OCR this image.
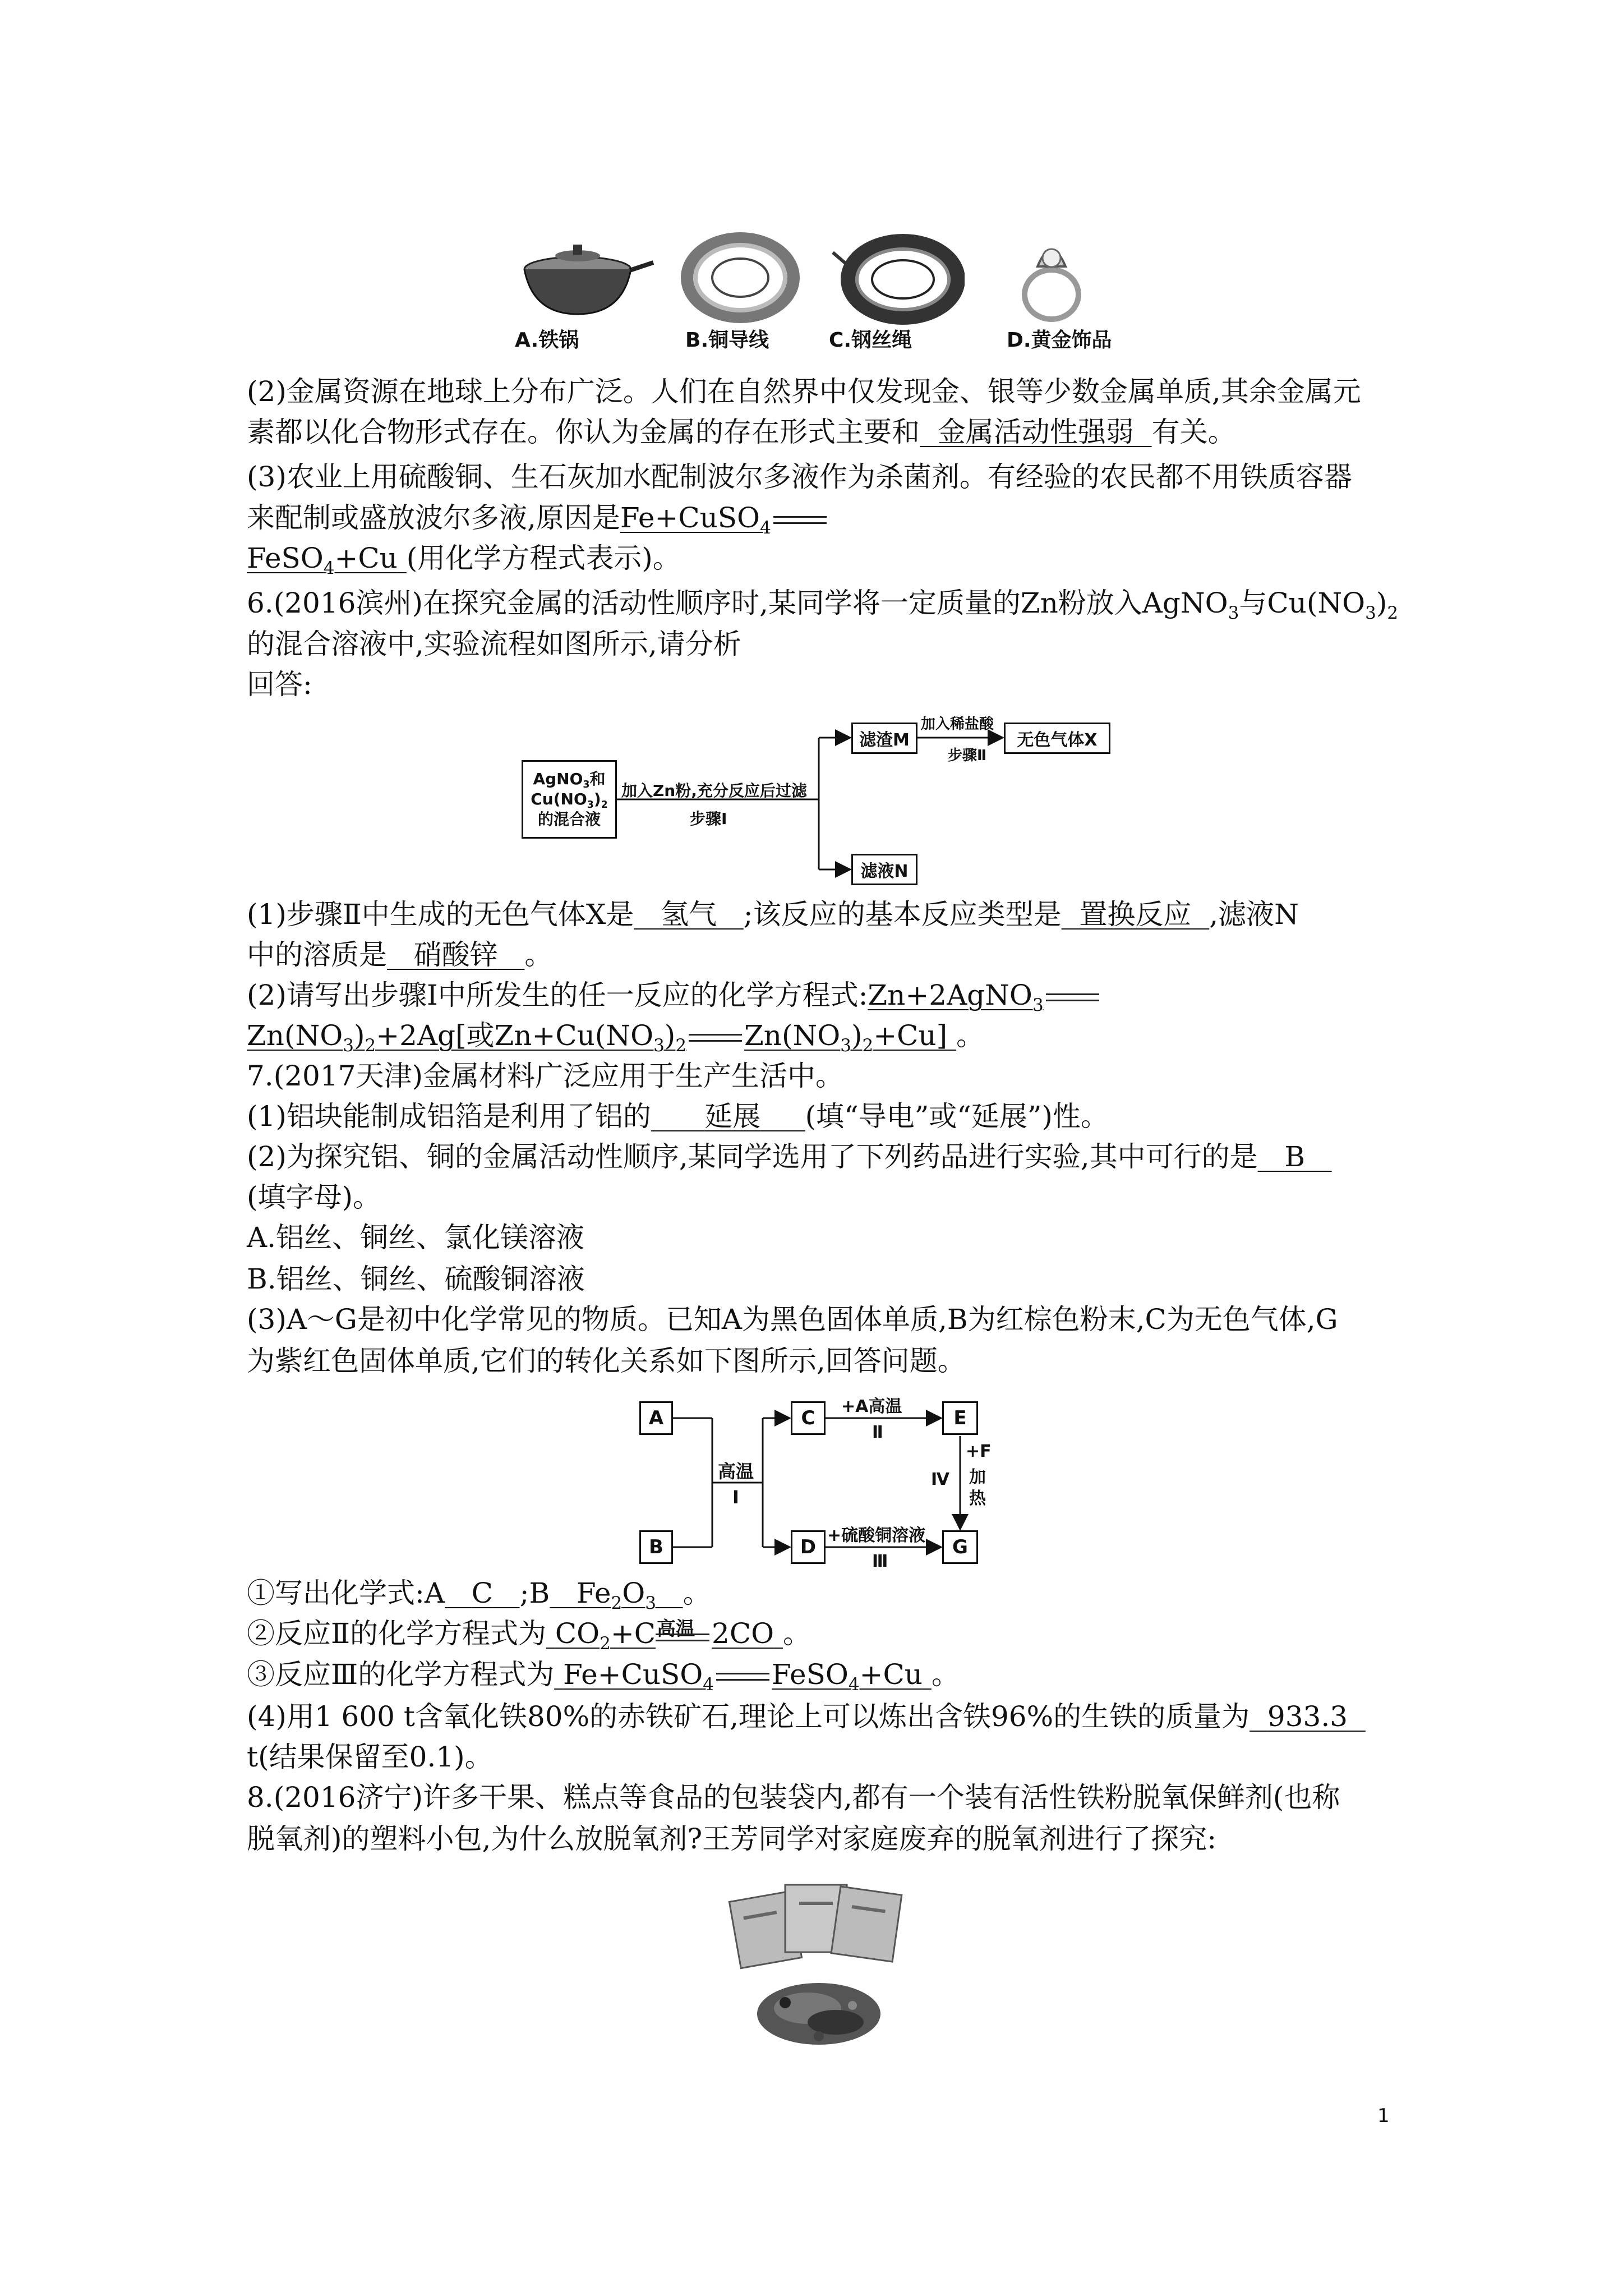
A.铁锅	B.铜导线	C.钢丝绳	D.黄金饰品
(2)金属资源在地球上分布广泛。人们在自然界中仅发现金、银等少数金属单质,其余金属元
素都以化合物形式存在。你认为金属的存在形式主要和 金属活动性强弱 有关。
(3)农业上用硫酸铜、生石灰加水配制波尔多液作为杀菌剂。有经验的农民都不用铁质容器
来配制或盛放波尔多液,原因是Fe+CuSO$_4$
FeSO$_4$+Cu (用化学方程式表示)。
6.(2016滨州)在探究金属的活动性顺序时,某同学将一定质量的Zn粉放入AgNO$_3$与$Cu(NO_3)_2$
的混合溶液中,实验流程如图所示,请分析
回答:
AgNO$_3$和
$Cu(NO_3)_2$
的混合液
加入Zn粉,充分反应后过滤
步骤Ⅰ
滤渣M
加入稀盐酸
步骤Ⅱ
无色气体X
滤液N
(1)步骤Ⅱ中生成的无色气体X是 氢气 ;该反应的基本反应类型是 置换反应 ,滤液N
中的溶质是 硝酸锌 。
(2)请写出步骤Ⅰ中所发生的任一反应的化学方程式:Zn+2AgNO$_3$
$Zn(NO_3)_2+2Ag$[或$Zn+Cu(NO_3)_2$ $Zn(NO_3)_2+Cu$] 。
7.(2017天津)金属材料广泛应用于生产生活中。
(1)铝块能制成铝箔是利用了铝的 延展 (填“导电”或“延展”)性。
(2)为探究铝、铜的金属活动性顺序,某同学选用了下列药品进行实验,其中可行的是 B
(填字母)。
A.铝丝、铜丝、氯化镁溶液
B.铝丝、铜丝、硫酸铜溶液
(3)A～G是初中化学常见的物质。已知A为黑色固体单质,B为红棕色粉末,C为无色气体,G
为紫红色固体单质,它们的转化关系如下图所示,回答问题。
A
B
C
D
E
G
高温
Ⅰ
+A高温
Ⅱ
+硫酸铜溶液
Ⅲ
Ⅳ
+F
加
热
①写出化学式:A C ;B $Fe_2O_3$ 。
②反应Ⅱ的化学方程式为 $CO_2+C$ 高温 2CO 。
③反应Ⅲ的化学方程式为 Fe+CuSO$_4$ FeSO$_4$+Cu 。
(4)用1 600 t含氧化铁80%的赤铁矿石,理论上可以炼出含铁96%的生铁的质量为 933.3
t(结果保留至0.1)。
8.(2016济宁)许多干果、糕点等食品的包装袋内,都有一个装有活性铁粉脱氧保鲜剂(也称
脱氧剂)的塑料小包,为什么放脱氧剂?王芳同学对家庭废弃的脱氧剂进行了探究:
1
